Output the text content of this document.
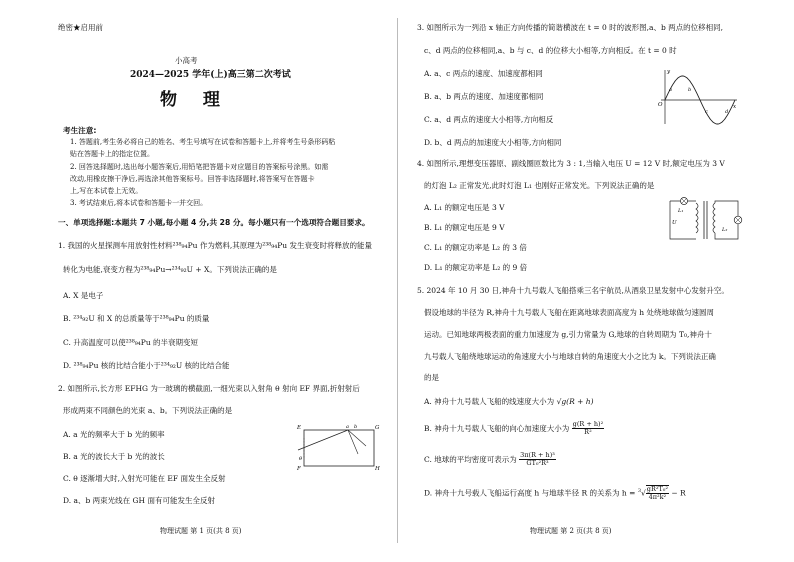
绝密★启用前
小高考
2024—2025 学年(上)高三第二次考试
物 理
考生注意:
1. 答题前,考生务必将自己的姓名、考生号填写在试卷和答题卡上,并将考生号条形码粘
贴在答题卡上的指定位置。
2. 回答选择题时,选出每小题答案后,用铅笔把答题卡对应题目的答案标号涂黑。如需
改动,用橡皮擦干净后,再选涂其他答案标号。回答非选择题时,将答案写在答题卡
上,写在本试卷上无效。
3. 考试结束后,将本试卷和答题卡一并交回。
一、单项选择题:本题共 7 小题,每小题 4 分,共 28 分。每小题只有一个选项符合题目要求。
1. 我国的火星探测车用放射性材料²³⁸₉₄Pu 作为燃料,其原理为²³⁸₉₄Pu 发生衰变时将释放的能量
转化为电能,衰变方程为²³⁸₉₄Pu→²³⁴₉₂U + X。下列说法正确的是
A. X 是电子
B. ²³⁴₉₂U 和 X 的总质量等于²³⁸₉₄Pu 的质量
C. 升高温度可以使²³⁸₉₄Pu 的半衰期变短
D. ²³⁸₉₄Pu 核的比结合能小于²³⁴₉₂U 核的比结合能
2. 如图所示,长方形 EFHG 为一玻璃的横截面,一细光束以入射角 θ 射向 EF 界面,折射射后
形成两束不同颜色的光束 a、b。下列说法正确的是
A. a 光的频率大于 b 光的频率
B. a 光的波长大于 b 光的波长
C. θ 逐渐增大时,入射光可能在 EF 面发生全反射
D. a、b 两束光线在 GH 面有可能发生全反射
E
F
G
H
a b
θ
物理试题 第 1 页(共 8 页)
3. 如图所示为一列沿 x 轴正方向传播的简谐横波在 t = 0 时的波形图,a、b 两点的位移相同,
c、d 两点的位移相同,a、b 与 c、d 的位移大小相等,方向相反。在 t = 0 时
A. a、c 两点的速度、加速度都相同
B. a、b 两点的速度、加速度都相同
C. a、d 两点的速度大小相等,方向相反
D. b、d 两点的加速度大小相等,方向相同
y
x
O
a	b
c	d
4. 如图所示,理想变压器原、副线圈匝数比为 3 : 1,当输入电压 U = 12 V 时,额定电压为 3 V
的灯泡 L₂ 正常发光,此时灯泡 L₁ 也刚好正常发光。下列说法正确的是
A. L₁ 的额定电压是 3 V
B. L₁ 的额定电压是 9 V
C. L₁ 的额定功率是 L₂ 的 3 倍
D. L₁ 的额定功率是 L₂ 的 9 倍
L₁
U
L₂
5. 2024 年 10 月 30 日,神舟十九号载人飞船搭乘三名宇航员,从酒泉卫星发射中心发射升空。
假设地球的半径为 R,神舟十九号载人飞船在距离地球表面高度为 h 处绕地球做匀速圆周
运动。已知地球两极表面的重力加速度为 g,引力常量为 G,地球的自转周期为 T₀,神舟十
九号载人飞船绕地球运动的角速度大小与地球自转的角速度大小之比为 k。下列说法正确
的是
A. 神舟十九号载人飞船的线速度大小为 √g(R + h)
B. 神舟十九号载人飞船的向心加速度大小为 $\frac{\text{g(R + h)²}}{\text{R²}}$
C. 地球的平均密度可表示为 $\frac{\text{3π(R + h)³}}{\text{GT₀²R³}}$
D. 神舟十九号载人飞船运行高度 h 与地球半径 R 的关系为 $h = ^3√ \frac{\text{gR²T₀²}}{\text{4π²k²}} - R$
物理试题 第 2 页(共 8 页)
